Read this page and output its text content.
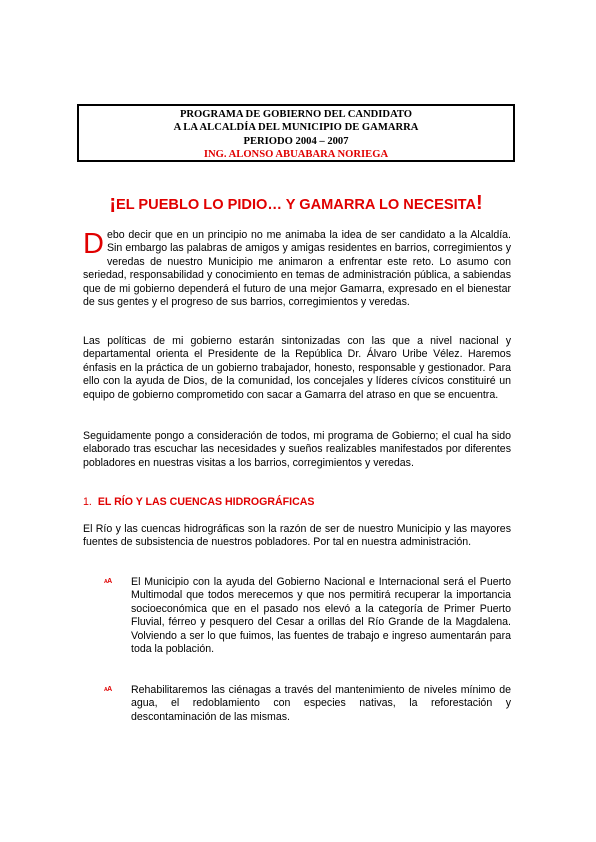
PROGRAMA DE GOBIERNO DEL CANDIDATO
A LA ALCALDÍA DEL MUNICIPIO DE GAMARRA
PERIODO 2004 – 2007
ING. ALONSO ABUABARA NORIEGA
¡EL PUEBLO LO PIDIO… Y GAMARRA LO NECESITA!

Debo decir que en un principio no me animaba la idea de ser candidato a la Alcaldía. Sin embargo las palabras de amigos y amigas residentes en barrios, corregimientos y veredas de nuestro Municipio me animaron a enfrentar este reto. Lo asumo con seriedad, responsabilidad y conocimiento en temas de administración pública, a sabiendas que de mi gobierno dependerá el futuro de una mejor Gamarra, expresado en el bienestar de sus gentes y el progreso de sus barrios, corregimientos y veredas.

Las políticas de mi gobierno estarán sintonizadas con las que a nivel nacional y departamental orienta el Presidente de la República Dr. Álvaro Uribe Vélez. Haremos énfasis en la práctica de un gobierno trabajador, honesto, responsable y gestionador. Para ello con la ayuda de Dios, de la comunidad, los concejales y líderes cívicos constituiré un equipo de gobierno comprometido con sacar a Gamarra del atraso en que se encuentra.

Seguidamente pongo a consideración de todos, mi programa de Gobierno; el cual ha sido elaborado tras escuchar las necesidades y sueños realizables manifestados por diferentes pobladores en nuestras visitas a los barrios, corregimientos y veredas.

1. EL RÍO Y LAS CUENCAS HIDROGRÁFICAS

El Río y las cuencas hidrográficas son la razón de ser de nuestro Municipio y las mayores fuentes de subsistencia de nuestros pobladores. Por tal en nuestra administración.

AA El Municipio con la ayuda del Gobierno Nacional e Internacional será el Puerto Multimodal que todos merecemos y que nos permitirá recuperar la importancia socioeconómica que en el pasado nos elevó a la categoría de Primer Puerto Fluvial, férreo y pesquero del Cesar a orillas del Río Grande de la Magdalena. Volviendo a ser lo que fuimos, las fuentes de trabajo e ingreso aumentarán para toda la población.
AA Rehabilitaremos las ciénagas a través del mantenimiento de niveles mínimo de agua, el redoblamiento con especies nativas, la reforestación y descontaminación de las mismas.
